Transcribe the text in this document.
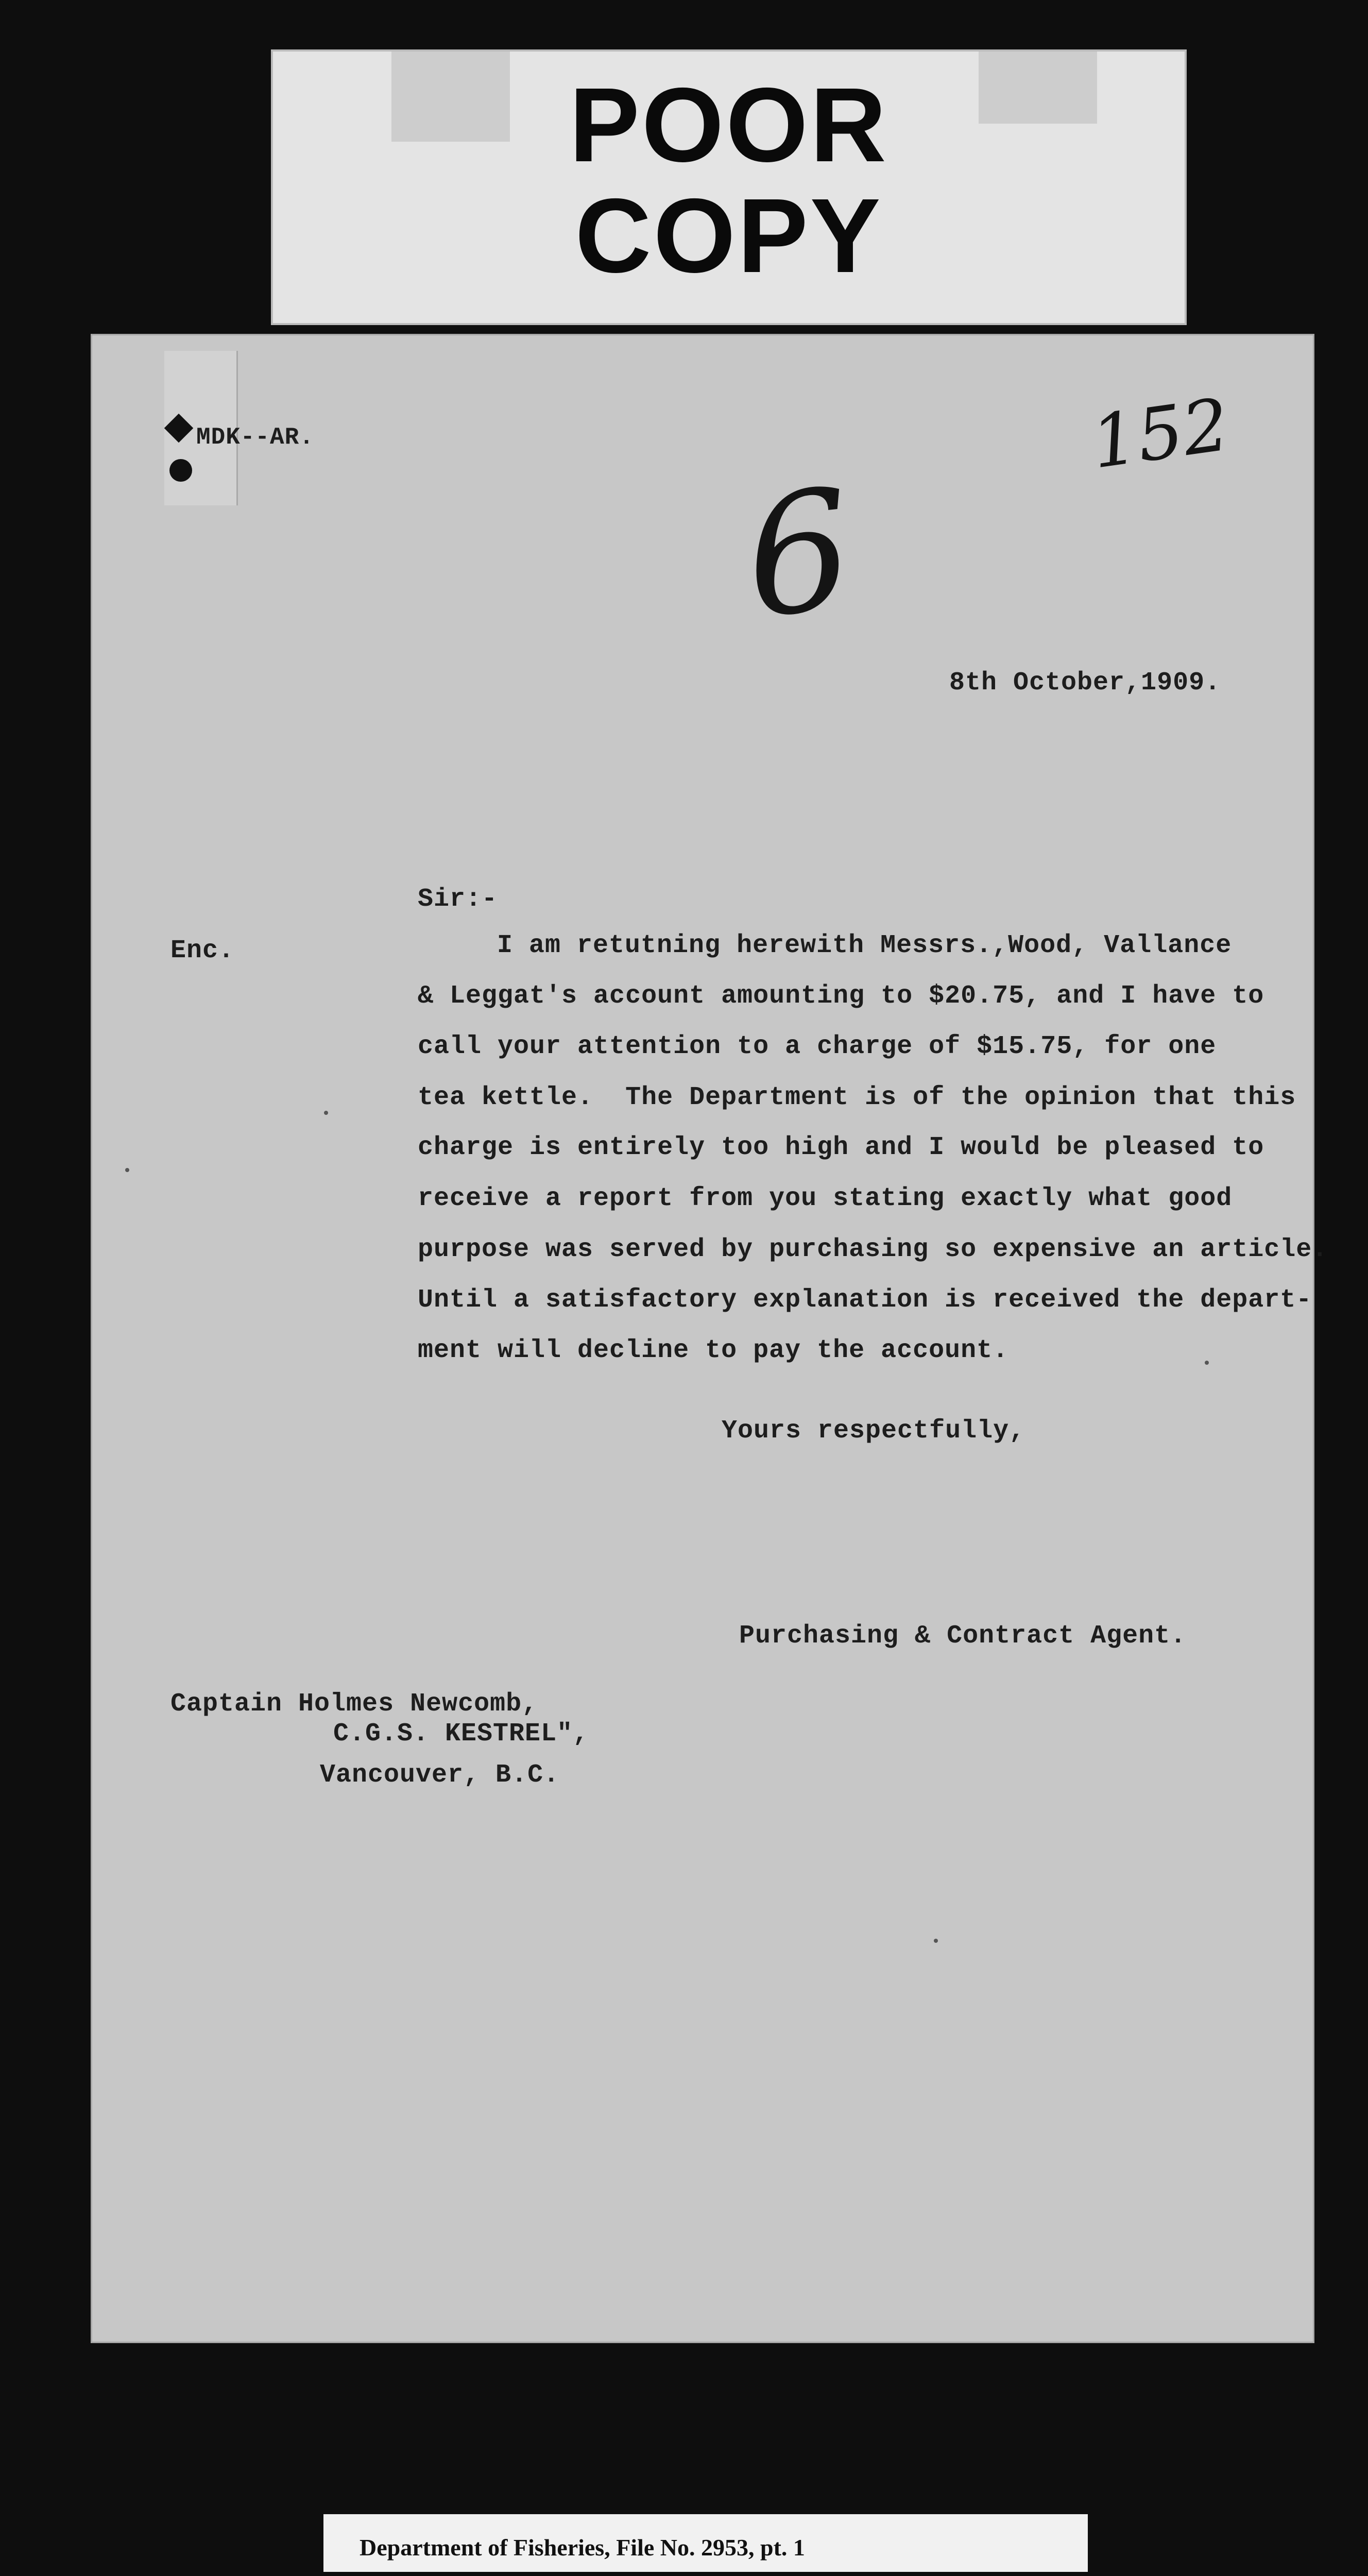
POOR
COPY
MDK--AR.	152
6
8th October,1909.
Sir:-
Enc.	I am retutning herewith Messrs.,Wood, Vallance
& Leggat's account amounting to $20.75, and I have to
call your attention to a charge of $15.75, for one
tea kettle.  The Department is of the opinion that this
charge is entirely too high and I would be pleased to
receive a report from you stating exactly what good
purpose was served by purchasing so expensive an article.
Until a satisfactory explanation is received the depart-
ment will decline to pay the account.
Yours respectfully,
Purchasing & Contract Agent.
Captain Holmes Newcomb,
C.G.S. KESTREL",
Vancouver, B.C.
Department of Fisheries, File No. 2953, pt. 1
